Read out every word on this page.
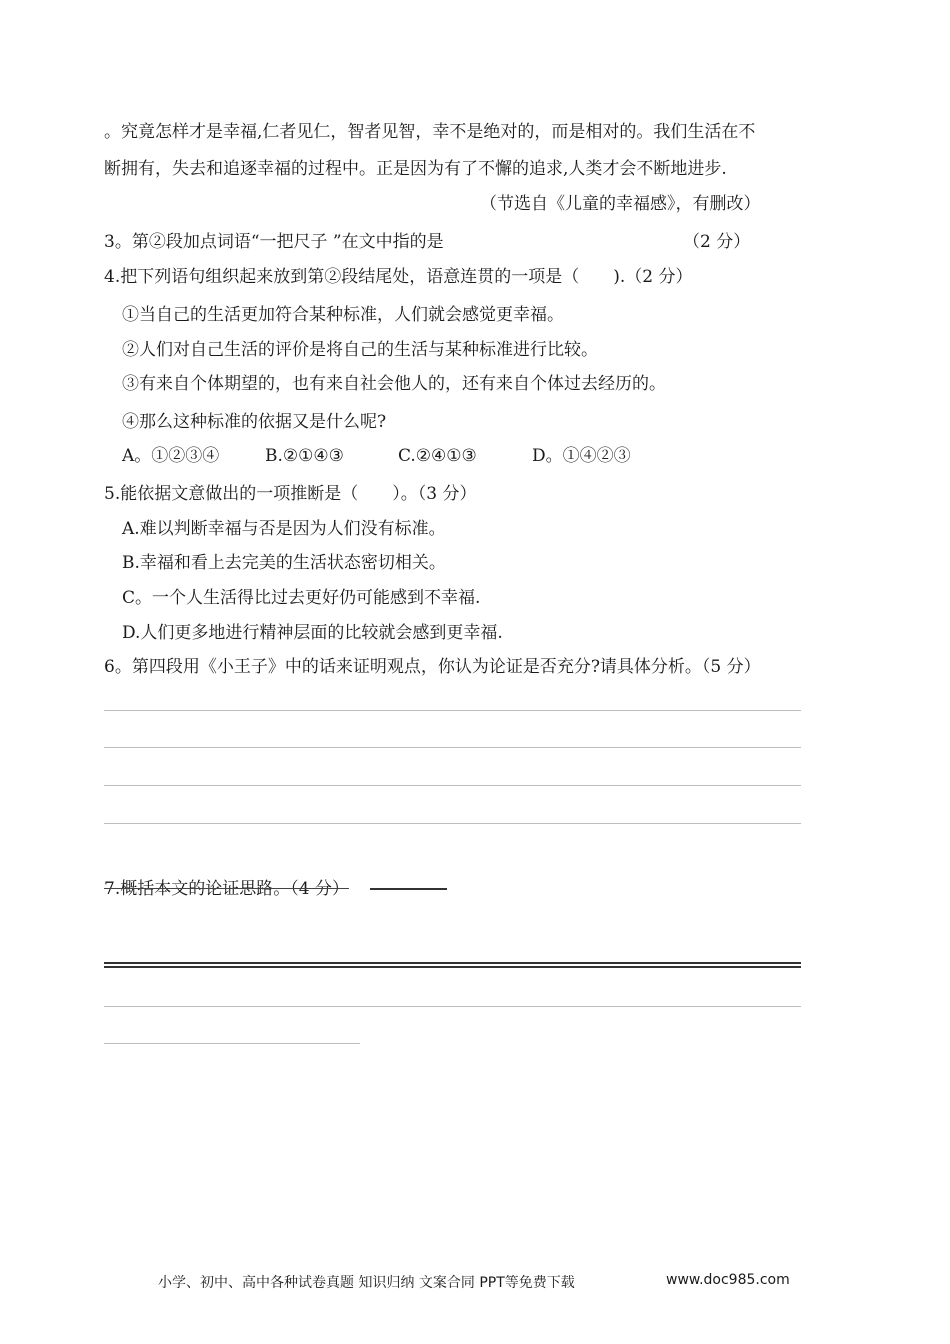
。究竟怎样才是幸福,仁者见仁，智者见智，幸不是绝对的，而是相对的。我们生活在不
断拥有，失去和追逐幸福的过程中。正是因为有了不懈的追求,人类才会不断地进步.
（节选自《儿童的幸福感》，有删改）
3。第②段加点词语“一把尺子 ”在文中指的是	（2 分）
4.把下列语句组织起来放到第②段结尾处，语意连贯的一项是（　　).（2 分）
①当自己的生活更加符合某种标准，人们就会感觉更幸福。
②人们对自己生活的评价是将自己的生活与某种标准进行比较。
③有来自个体期望的，也有来自社会他人的，还有来自个体过去经历的。
④那么这种标准的依据又是什么呢?
A。①②③④	B.②①④③	C.②④①③	D。①④②③
5.能依据文意做出的一项推断是（　　）。（3 分）
A.难以判断幸福与否是因为人们没有标准。
B.幸福和看上去完美的生活状态密切相关。
C。一个人生活得比过去更好仍可能感到不幸福.
D.人们更多地进行精神层面的比较就会感到更幸福.
6。第四段用《小王子》中的话来证明观点，你认为论证是否充分?请具体分析。（5 分）
7.概括本文的论证思路。（4 分）
小学、初中、高中各种试卷真题 知识归纳 文案合同 PPT等免费下载	www.doc985.com
